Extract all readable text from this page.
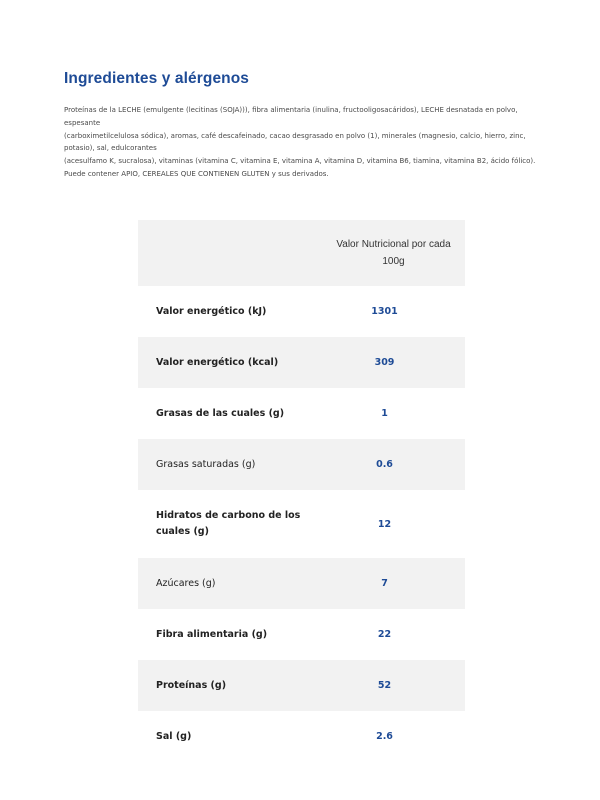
Ingredientes y alérgenos
Proteínas de la LECHE (emulgente (lecitinas (SOJA))), fibra alimentaria (inulina, fructooligosacáridos), LECHE desnatada en polvo, espesante
(carboximetilcelulosa sódica), aromas, café descafeinado, cacao desgrasado en polvo (1), minerales (magnesio, calcio, hierro, zinc, potasio), sal, edulcorantes
(acesulfamo K, sucralosa), vitaminas (vitamina C, vitamina E, vitamina A, vitamina D, vitamina B6, tiamina, vitamina B2, ácido fólico).
Puede contener APIO, CEREALES QUE CONTIENEN GLUTEN y sus derivados.
	Valor Nutricional por cada 100g
Valor energético (kJ)	1301
Valor energético (kcal)	309
Grasas de las cuales (g)	1
Grasas saturadas (g)	0.6
Hidratos de carbono de los cuales (g)	12
Azúcares (g)	7
Fibra alimentaria (g)	22
Proteínas (g)	52
Sal (g)	2.6
